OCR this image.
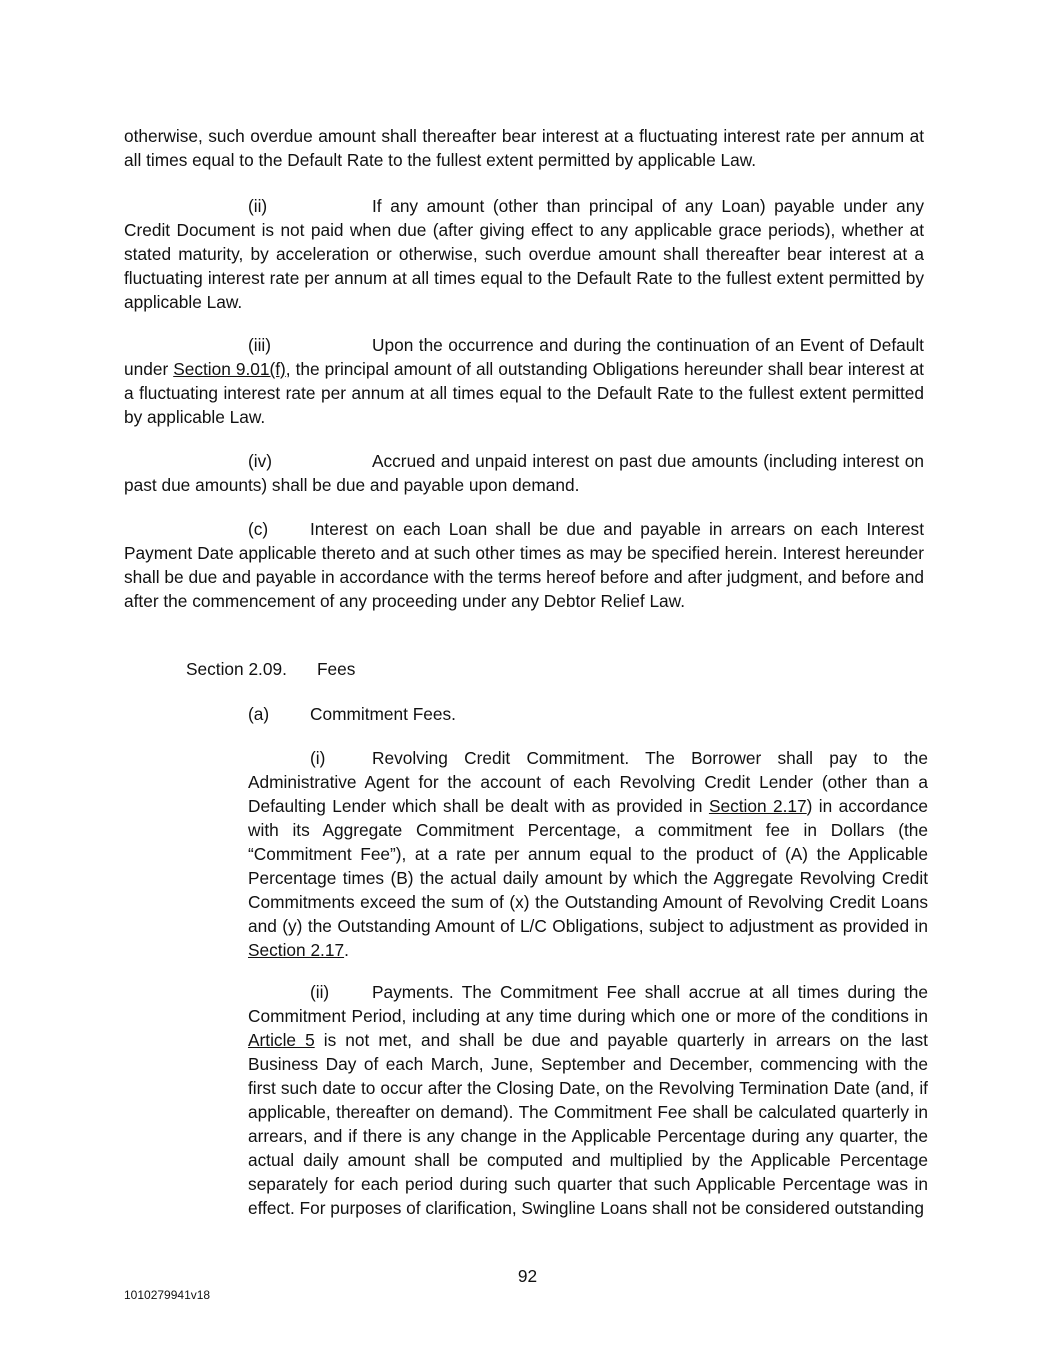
otherwise, such overdue amount shall thereafter bear interest at a fluctuating interest rate per annum at all times equal to the Default Rate to the fullest extent permitted by applicable Law.

(ii)	If any amount (other than principal of any Loan) payable under any Credit Document is not paid when due (after giving effect to any applicable grace periods), whether at stated maturity, by acceleration or otherwise, such overdue amount shall thereafter bear interest at a fluctuating interest rate per annum at all times equal to the Default Rate to the fullest extent permitted by applicable Law.

(iii)	Upon the occurrence and during the continuation of an Event of Default under Section 9.01(f), the principal amount of all outstanding Obligations hereunder shall bear interest at a fluctuating interest rate per annum at all times equal to the Default Rate to the fullest extent permitted by applicable Law.

(iv)	Accrued and unpaid interest on past due amounts (including interest on past due amounts) shall be due and payable upon demand.

(c) Interest on each Loan shall be due and payable in arrears on each Interest Payment Date applicable thereto and at such other times as may be specified herein. Interest hereunder shall be due and payable in accordance with the terms hereof before and after judgment, and before and after the commencement of any proceeding under any Debtor Relief Law.

Section 2.09. Fees
(a) Commitment Fees.

(i)	Revolving Credit Commitment. The Borrower shall pay to the Administrative Agent for the account of each Revolving Credit Lender (other than a Defaulting Lender which shall be dealt with as provided in Section 2.17) in accordance with its Aggregate Commitment Percentage, a commitment fee in Dollars (the “Commitment Fee”), at a rate per annum equal to the product of (A) the Applicable Percentage times (B) the actual daily amount by which the Aggregate Revolving Credit Commitments exceed the sum of (x) the Outstanding Amount of Revolving Credit Loans and (y) the Outstanding Amount of L/C Obligations, subject to adjustment as provided in Section 2.17.

(ii) Payments. The Commitment Fee shall accrue at all times during the Commitment Period, including at any time during which one or more of the conditions in Article 5 is not met, and shall be due and payable quarterly in arrears on the last Business Day of each March, June, September and December, commencing with the first such date to occur after the Closing Date, on the Revolving Termination Date (and, if applicable, thereafter on demand). The Commitment Fee shall be calculated quarterly in arrears, and if there is any change in the Applicable Percentage during any quarter, the actual daily amount shall be computed and multiplied by the Applicable Percentage separately for each period during such quarter that such Applicable Percentage was in effect. For purposes of clarification, Swingline Loans shall not be considered outstanding

92

1010279941v18
